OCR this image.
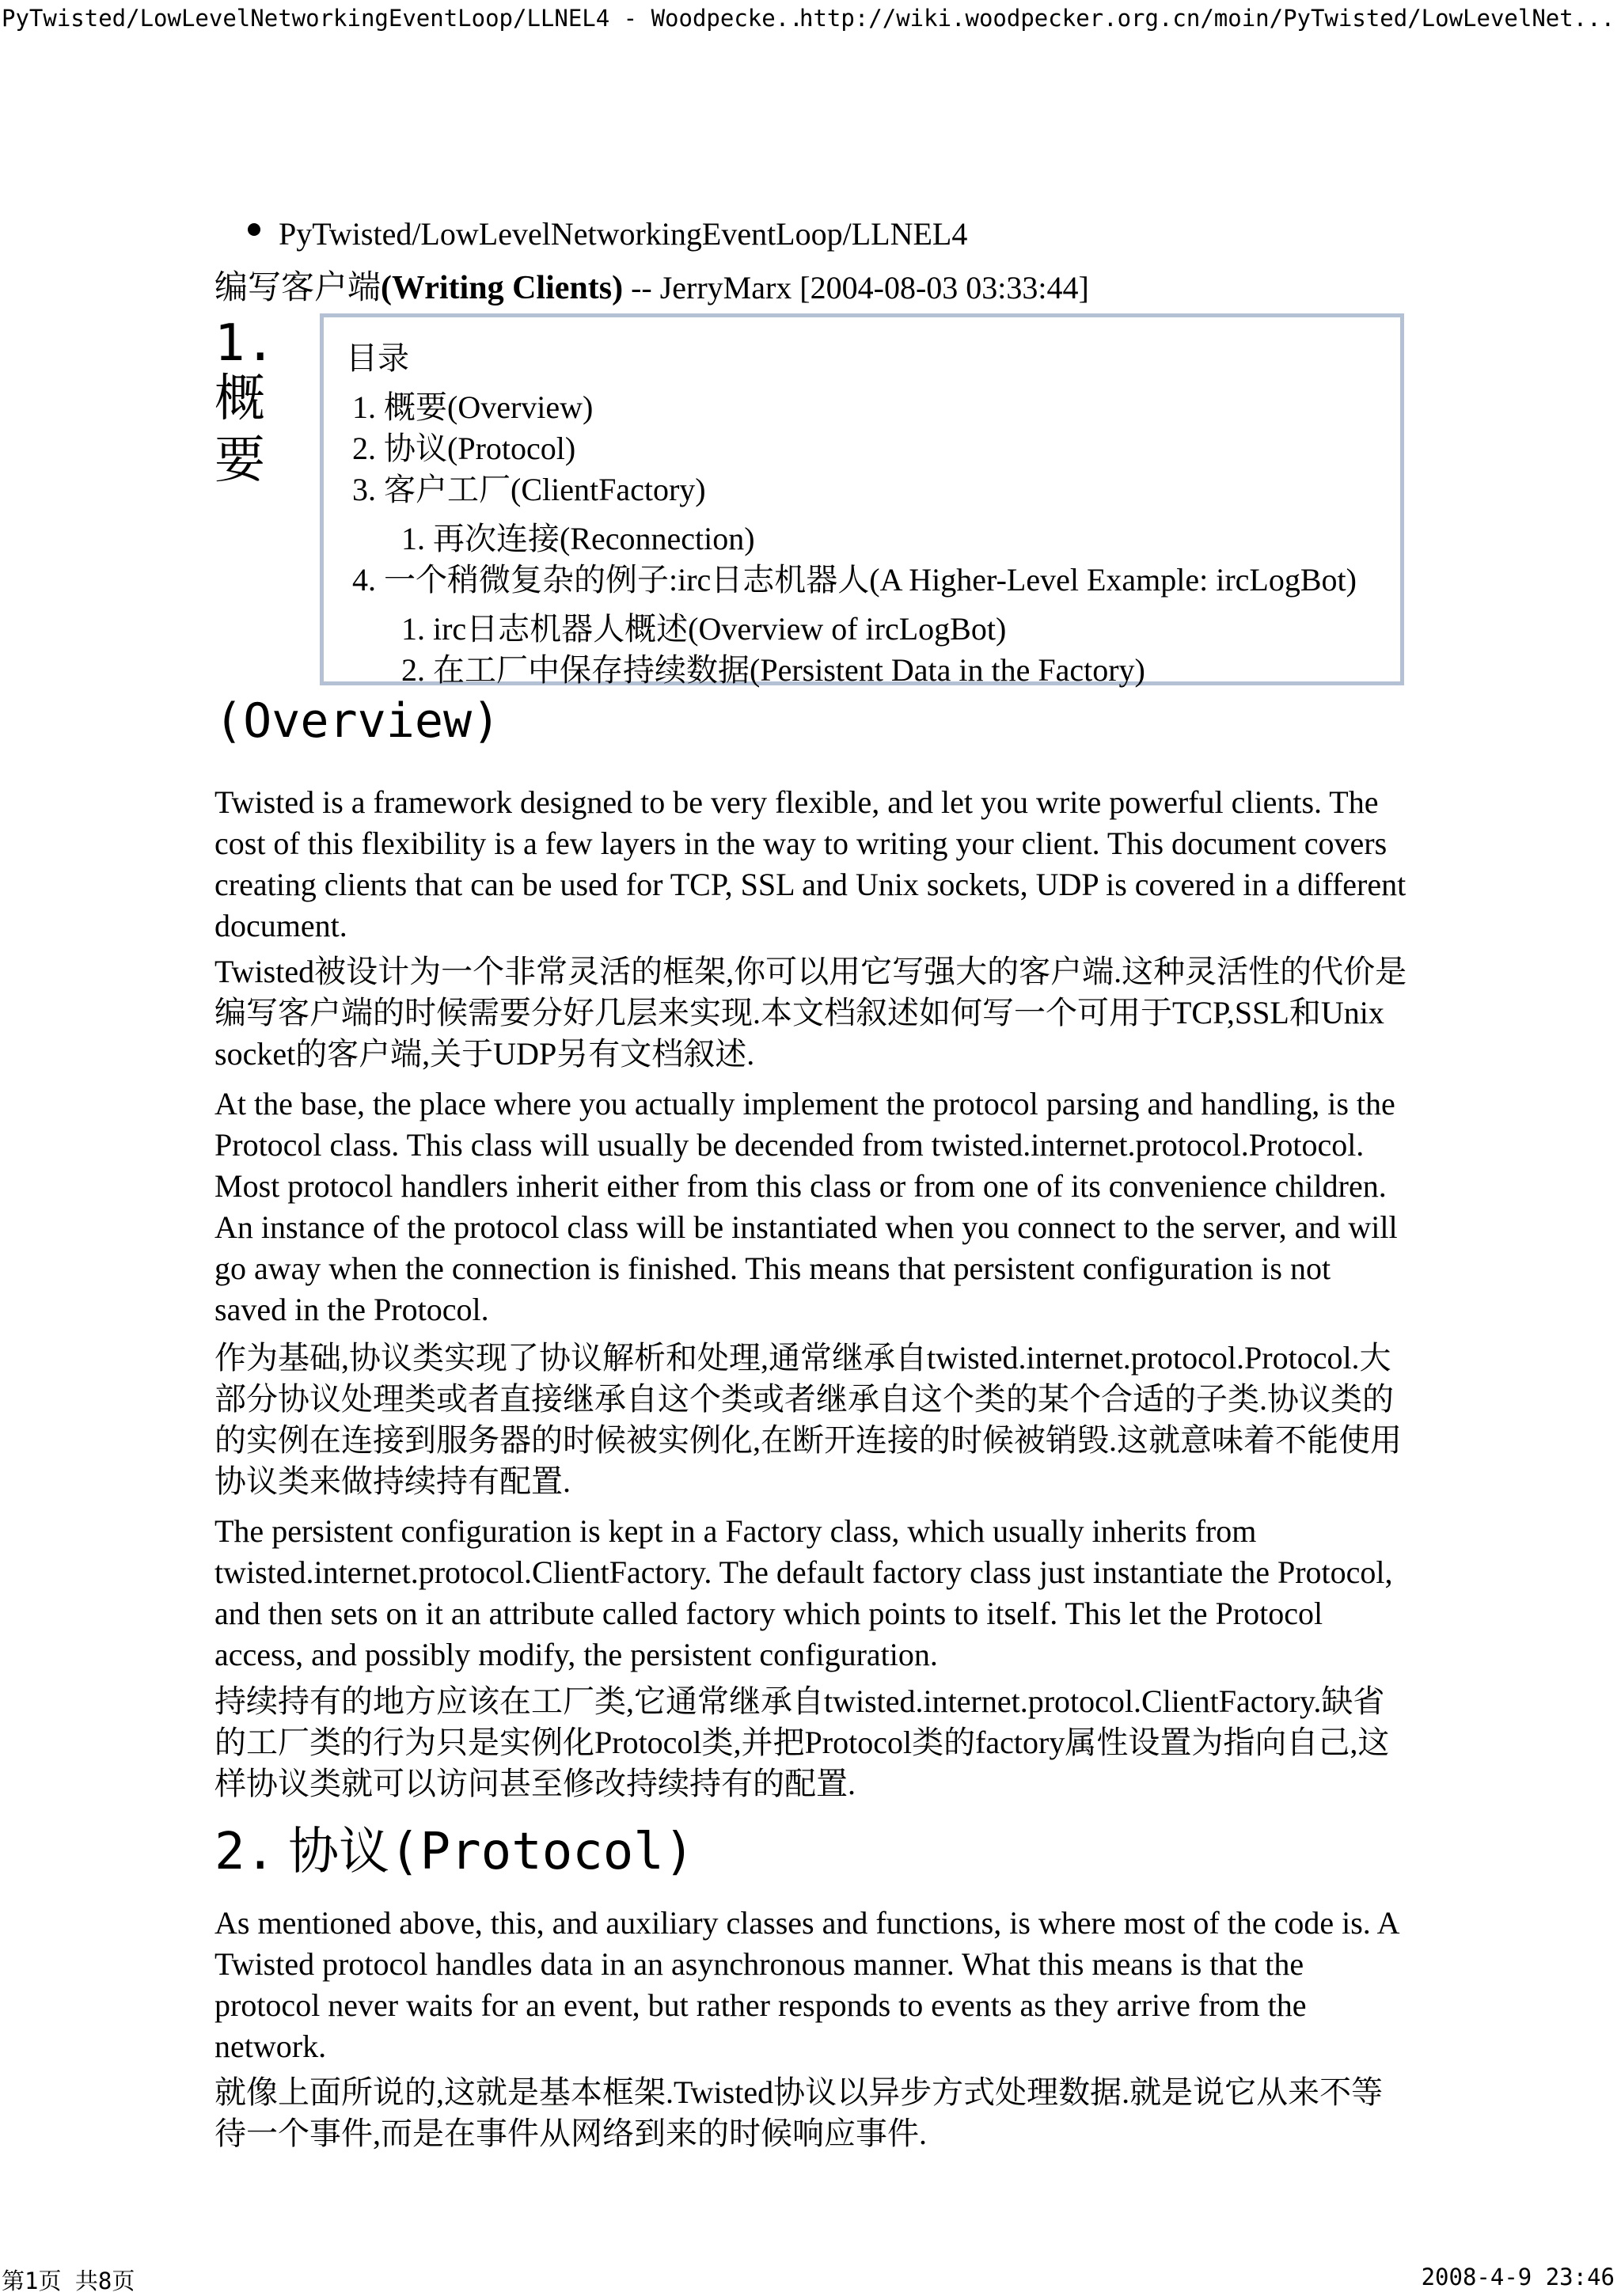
PyTwisted/LowLevelNetworkingEventLoop/LLNEL4 - Woodpecke...
http://wiki.woodpecker.org.cn/moin/PyTwisted/LowLevelNet...
PyTwisted/LowLevelNetworkingEventLoop/LLNEL4
编写客户端(Writing Clients) -- JerryMarx [2004-08-03 03:33:44]
1.
概
要
目录
1. 概要(Overview)
2. 协议(Protocol)
3. 客户工厂(ClientFactory)
1. 再次连接(Reconnection)
4. 一个稍微复杂的例子:irc日志机器人(A Higher-Level Example: ircLogBot)
1. irc日志机器人概述(Overview of ircLogBot)
2. 在工厂中保存持续数据(Persistent Data in the Factory)
(Overview)

Twisted is a framework designed to be very flexible, and let you write powerful clients. The cost of this flexibility is a few layers in the way to writing your client. This document covers creating clients that can be used for TCP, SSL and Unix sockets, UDP is covered in a different document.

Twisted被设计为一个非常灵活的框架,你可以用它写强大的客户端.这种灵活性的代价是编写客户端的时候需要分好几层来实现.本文档叙述如何写一个可用于TCP,SSL和Unix socket的客户端,关于UDP另有文档叙述.

At the base, the place where you actually implement the protocol parsing and handling, is the Protocol class. This class will usually be decended from twisted.internet.protocol.Protocol. Most protocol handlers inherit either from this class or from one of its convenience children. An instance of the protocol class will be instantiated when you connect to the server, and will go away when the connection is finished. This means that persistent configuration is not saved in the Protocol.

作为基础,协议类实现了协议解析和处理,通常继承自twisted.internet.protocol.Protocol.大部分协议处理类或者直接继承自这个类或者继承自这个类的某个合适的子类.协议类的的实例在连接到服务器的时候被实例化,在断开连接的时候被销毁.这就意味着不能使用协议类来做持续持有配置.

The persistent configuration is kept in a Factory class, which usually inherits from twisted.internet.protocol.ClientFactory. The default factory class just instantiate the Protocol, and then sets on it an attribute called factory which points to itself. This let the Protocol access, and possibly modify, the persistent configuration.

持续持有的地方应该在工厂类,它通常继承自twisted.internet.protocol.ClientFactory.缺省的工厂类的行为只是实例化Protocol类,并把Protocol类的factory属性设置为指向自己,这样协议类就可以访问甚至修改持续持有的配置.

2. 协议(Protocol)

As mentioned above, this, and auxiliary classes and functions, is where most of the code is. A Twisted protocol handles data in an asynchronous manner. What this means is that the protocol never waits for an event, but rather responds to events as they arrive from the network.

就像上面所说的,这就是基本框架.Twisted协议以异步方式处理数据.就是说它从来不等待一个事件,而是在事件从网络到来的时候响应事件.

第1页 共8页	2008-4-9 23:46
